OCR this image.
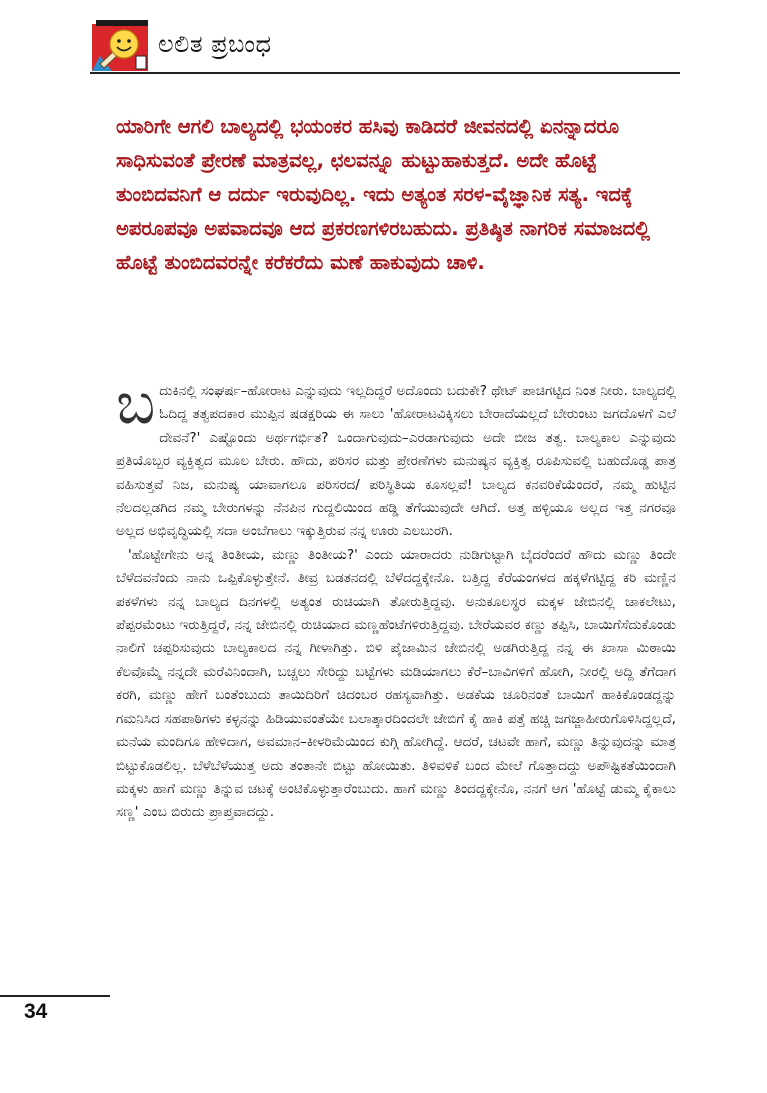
ಲಲಿತ ಪ್ರಬಂಧ

ಯಾರಿಗೇ ಆಗಲಿ ಬಾಲ್ಯದಲ್ಲಿ ಭಯಂಕರ ಹಸಿವು ಕಾಡಿದರೆ ಜೀವನದಲ್ಲಿ ಏನನ್ನಾದರೂ ಸಾಧಿಸುವಂತೆ ಪ್ರೇರಣೆ ಮಾತ್ರವಲ್ಲ, ಛಲವನ್ನೂ ಹುಟ್ಟುಹಾಕುತ್ತದೆ. ಅದೇ ಹೊಟ್ಟೆ ತುಂಬಿದವನಿಗೆ ಆ ದರ್ದು ಇರುವುದಿಲ್ಲ. ಇದು ಅತ್ಯಂತ ಸರಳ-ವೈಜ್ಞಾನಿಕ ಸತ್ಯ. ಇದಕ್ಕೆ ಅಪರೂಪವೂ ಅಪವಾದವೂ ಆದ ಪ್ರಕರಣಗಳಿರಬಹುದು. ಪ್ರತಿಷ್ಠಿತ ನಾಗರಿಕ ಸಮಾಜದಲ್ಲಿ ಹೊಟ್ಟೆ ತುಂಬಿದವರನ್ನೇ ಕರೆಕರೆದು ಮಣೆ ಹಾಕುವುದು ಚಾಳಿ.

ಬದುಕಿನಲ್ಲಿ ಸಂಘರ್ಷ–ಹೋರಾಟ ಎನ್ನುವುದು ಇಲ್ಲದಿದ್ದರೆ ಅದೊಂದು ಬದುಕೇ? ಥೇಟ್ ಪಾಚಿಗಟ್ಟಿದ ನಿಂತ ನೀರು. ಬಾಲ್ಯದಲ್ಲಿ ಓದಿದ್ದ ತತ್ವಪದಕಾರ ಮುಪ್ಪಿನ ಷಡಕ್ಷರಿಯ ಈ ಸಾಲು 'ಹೋರಾಟವಿಕ್ಕಿಸಲು ಬೇರಾದೆಯಲ್ಲದೆ ಬೇರುಂಟು ಜಗದೊಳಗೆ ಎಲೆ ದೇವನೆ?' ಎಷ್ಟೊಂದು ಅರ್ಥಗರ್ಭಿತ? ಒಂದಾಗುವುದು–ಎರಡಾಗುವುದು ಅದೇ ಬೀಜ ತತ್ವ. ಬಾಲ್ಯಕಾಲ ಎನ್ನುವುದು ಪ್ರತಿಯೊಬ್ಬರ ವ್ಯಕ್ತಿತ್ವದ ಮೂಲ ಬೇರು. ಹೌದು, ಪರಿಸರ ಮತ್ತು ಪ್ರೇರಣೆಗಳು ಮನುಷ್ಯನ ವ್ಯಕ್ತಿತ್ವ ರೂಪಿಸುವಲ್ಲಿ ಬಹುದೊಡ್ಡ ಪಾತ್ರ ವಹಿಸುತ್ತವೆ ನಿಜ, ಮನುಷ್ಯ ಯಾವಾಗಲೂ ಪರಿಸರದ/ ಪರಿಸ್ಥಿತಿಯ ಕೂಸಲ್ಲವೆ! ಬಾಲ್ಯದ ಕನವರಿಕೆಯೆಂದರೆ, ನಮ್ಮ ಹುಟ್ಟಿನ ನೆಲದಲ್ಲಡಗಿದ ನಮ್ಮ ಬೇರುಗಳನ್ನು ನೆನಪಿನ ಗುದ್ದಲಿಯಿಂದ ಹಡ್ಡಿ ತೆಗೆಯುವುದೇ ಆಗಿದೆ. ಅತ್ತ ಹಳ್ಳಿಯೂ ಅಲ್ಲದ ಇತ್ತ ನಗರವೂ ಅಲ್ಲದ ಅಭಿವೃದ್ಧಿಯಲ್ಲಿ ಸದಾ ಅಂಬೆಗಾಲು ಇಕ್ಕುತ್ತಿರುವ ನನ್ನ ಊರು ಎಲಬುರಗಿ.

'ಹೊಟ್ಟೇಗೇನು ಅನ್ನ ತಿಂತೀಯ, ಮಣ್ಣು ತಿಂತೀಯ?' ಎಂದು ಯಾರಾದರು ನುಡಿಗುಟ್ಟಾಗಿ ಬೈದರೆಂದರೆ ಹೌದು ಮಣ್ಣು ತಿಂದೇ ಬೆಳೆದವನೆಂದು ನಾನು ಒಪ್ಪಿಕೊಳ್ಳುತ್ತೇನೆ. ತೀವ್ರ ಬಡತನದಲ್ಲಿ ಬೆಳೆದದ್ದಕ್ಕೇನೊ. ಬತ್ತಿದ್ದ ಕೆರೆಯಂಗಳದ ಹಕ್ಕಳೆಗಟ್ಟಿದ್ದ ಕರಿ ಮಣ್ಣಿನ ಪಕಳೆಗಳು ನನ್ನ ಬಾಲ್ಯದ ದಿನಗಳಲ್ಲಿ ಅತ್ಯಂತ ರುಚಿಯಾಗಿ ತೋರುತ್ತಿದ್ದವು. ಅನುಕೂಲಸ್ಥರ ಮಕ್ಕಳ ಜೇಬಿನಲ್ಲಿ ಚಾಕಲೇಟು, ಪೆಪ್ಪರಮೆಂಟು ಇರುತ್ತಿದ್ದರೆ, ನನ್ನ ಜೇಬಿನಲ್ಲಿ ರುಚಿಯಾದ ಮಣ್ಣಹೆಂಟೆಗಳಿರುತ್ತಿದ್ದವು. ಬೇರೆಯವರ ಕಣ್ಣು ತಪ್ಪಿಸಿ, ಬಾಯಿಗೆಸೆದುಕೊಂಡು ನಾಲಿಗೆ ಚಪ್ಪರಿಸುವುದು ಬಾಲ್ಯಕಾಲದ ನನ್ನ ಗೀಳಾಗಿತ್ತು. ಬಿಳಿ ಪೈಜಾಮಿನ ಜೇಬಿನಲ್ಲಿ ಅಡಗಿರುತ್ತಿದ್ದ ನನ್ನ ಈ ಖಾಸಾ ಮಿಠಾಯಿ ಕೆಲವೊಮ್ಮೆ ನನ್ನದೇ ಮರೆವಿನಿಂದಾಗಿ, ಬಚ್ಚಲು ಸೇರಿದ್ದು ಬಟ್ಟೆಗಳು ಮಡಿಯಾಗಲು ಕೆರೆ–ಬಾವಿಗಳಿಗೆ ಹೋಗಿ, ನೀರಲ್ಲಿ ಅದ್ದಿ ತೆಗೆದಾಗ ಕರಗಿ, ಮಣ್ಣು ಹೇಗೆ ಬಂತೆಂಬುದು ತಾಯಿದಿರಿಗೆ ಚಿದಂಬರ ರಹಸ್ಯವಾಗಿತ್ತು. ಅಡಕೆಯ ಚೂರಿನಂತೆ ಬಾಯಿಗೆ ಹಾಕಿಕೊಂಡದ್ದನ್ನು ಗಮನಿಸಿದ ಸಹಪಾಠಿಗಳು ಕಳ್ಳನನ್ನು ಹಿಡಿಯುವಂತೆಯೇ ಬಲಾತ್ಕಾರದಿಂದಲೇ ಜೇಬಿಗೆ ಕೈ ಹಾಕಿ ಪತ್ತೆ ಹಚ್ಚಿ ಜಗಜ್ಜಾಹೀರುಗೊಳಿಸಿದ್ದಲ್ಲದೆ, ಮನೆಯ ಮಂದಿಗೂ ಹೇಳಿದಾಗ, ಅವಮಾನ–ಕೀಳರಿಮೆಯಿಂದ ಕುಗ್ಗಿ ಹೋಗಿದ್ದೆ. ಆದರೆ, ಚಟವೇ ಹಾಗೆ, ಮಣ್ಣು ತಿನ್ನುವುದನ್ನು ಮಾತ್ರ ಬಿಟ್ಟುಕೊಡಲಿಲ್ಲ. ಬೆಳೆಬೆಳೆಯುತ್ತ ಅದು ತಂತಾನೇ ಬಿಟ್ಟು ಹೋಯಿತು. ತಿಳಿವಳಿಕೆ ಬಂದ ಮೇಲೆ ಗೊತ್ತಾದದ್ದು ಅಪೌಷ್ಟಿಕತೆಯಿಂದಾಗಿ ಮಕ್ಕಳು ಹಾಗೆ ಮಣ್ಣು ತಿನ್ನುವ ಚಟಕ್ಕೆ ಅಂಟಿಕೊಳ್ಳುತ್ತಾರೆಂಬುದು. ಹಾಗೆ ಮಣ್ಣು ತಿಂದದ್ದಕ್ಕೇನೊ, ನನಗೆ ಆಗ 'ಹೊಟ್ಟೆ ಡುಮ್ಮ ಕೈಕಾಲು ಸಣ್ಣ' ಎಂಬ ಬಿರುದು ಪ್ರಾಪ್ತವಾದದ್ದು.

34
